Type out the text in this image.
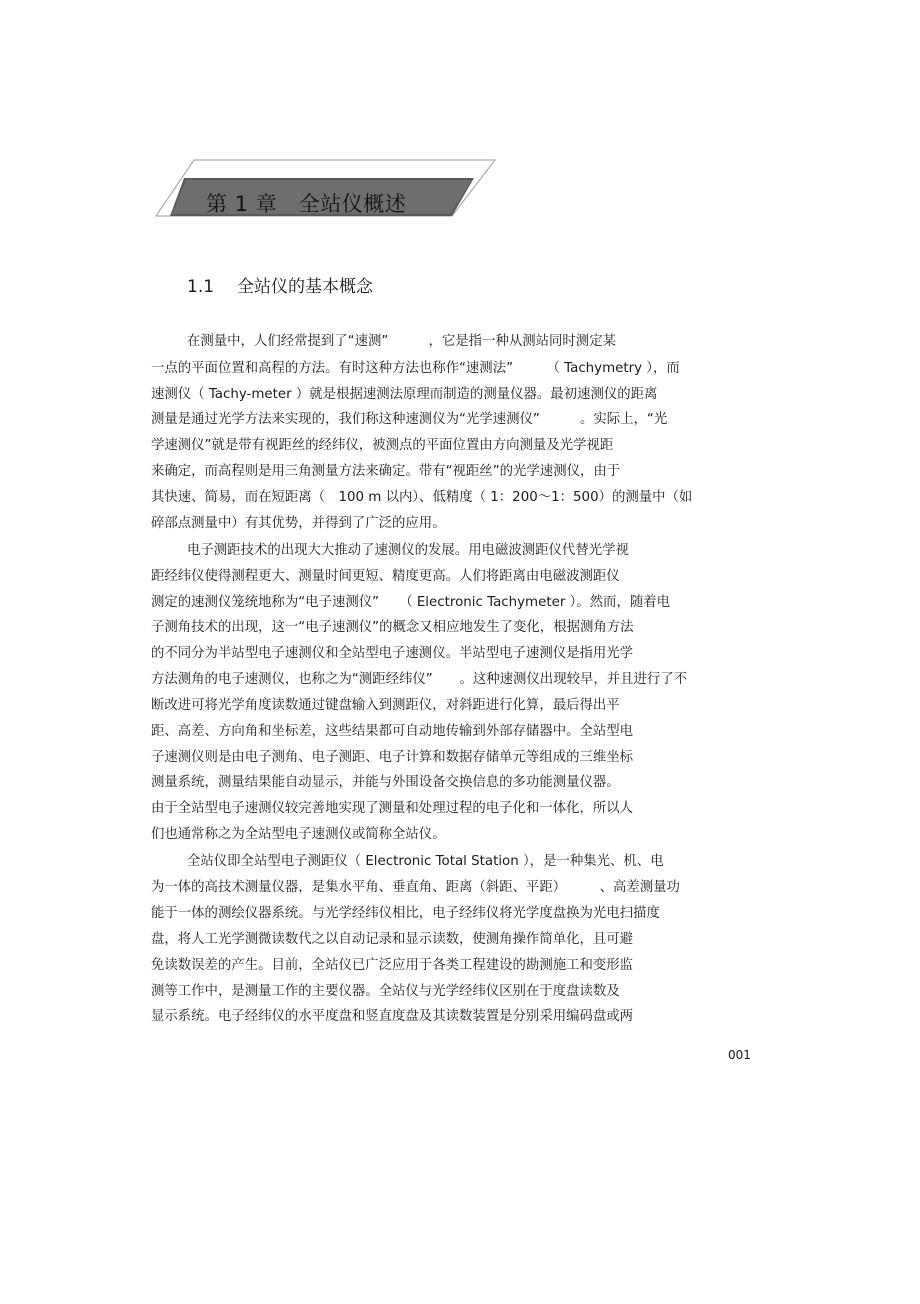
第 1 章　全站仪概述
1.1 全站仪的基本概念
在测量中，人们经常提到了“速测”　　　，它是指一种从测站同时测定某
一点的平面位置和高程的方法。有时这种方法也称作“速测法”　　　（ Tachymetry ），而
速测仪（ Tachy-meter ）就是根据速测法原理而制造的测量仪器。最初速测仪的距离
测量是通过光学方法来实现的，我们称这种速测仪为“光学速测仪”　　　。实际上，“光
学速测仪”就是带有视距丝的经纬仪，被测点的平面位置由方向测量及光学视距
来确定，而高程则是用三角测量方法来确定。带有“视距丝”的光学速测仪，由于
其快速、简易，而在短距离（　100 m 以内）、低精度（ 1：200～1：500）的测量中（如
碎部点测量中）有其优势，并得到了广泛的应用。
电子测距技术的出现大大推动了速测仪的发展。用电磁波测距仪代替光学视
距经纬仪使得测程更大、测量时间更短、精度更高。人们将距离由电磁波测距仪
测定的速测仪笼统地称为“电子速测仪”　　（ Electronic Tachymeter ）。然而，随着电
子测角技术的出现，这一“电子速测仪”的概念又相应地发生了变化，根据测角方法
的不同分为半站型电子速测仪和全站型电子速测仪。半站型电子速测仪是指用光学
方法测角的电子速测仪，也称之为“测距经纬仪”　　。这种速测仪出现较早，并且进行了不
断改进可将光学角度读数通过键盘输入到测距仪，对斜距进行化算，最后得出平
距、高差、方向角和坐标差，这些结果都可自动地传输到外部存储器中。全站型电
子速测仪则是由电子测角、电子测距、电子计算和数据存储单元等组成的三维坐标
测量系统，测量结果能自动显示，并能与外围设备交换信息的多功能测量仪器。
由于全站型电子速测仪较完善地实现了测量和处理过程的电子化和一体化，所以人
们也通常称之为全站型电子速测仪或简称全站仪。
全站仪即全站型电子测距仪（ Electronic Total Station ），是一种集光、机、电
为一体的高技术测量仪器，是集水平角、垂直角、距离（斜距、平距）　　　、高差测量功
能于一体的测绘仪器系统。与光学经纬仪相比，电子经纬仪将光学度盘换为光电扫描度
盘，将人工光学测微读数代之以自动记录和显示读数，使测角操作简单化，且可避
免读数误差的产生。目前，全站仪已广泛应用于各类工程建设的勘测施工和变形监
测等工作中，是测量工作的主要仪器。全站仪与光学经纬仪区别在于度盘读数及
显示系统。电子经纬仪的水平度盘和竖直度盘及其读数装置是分别采用编码盘或两
001
